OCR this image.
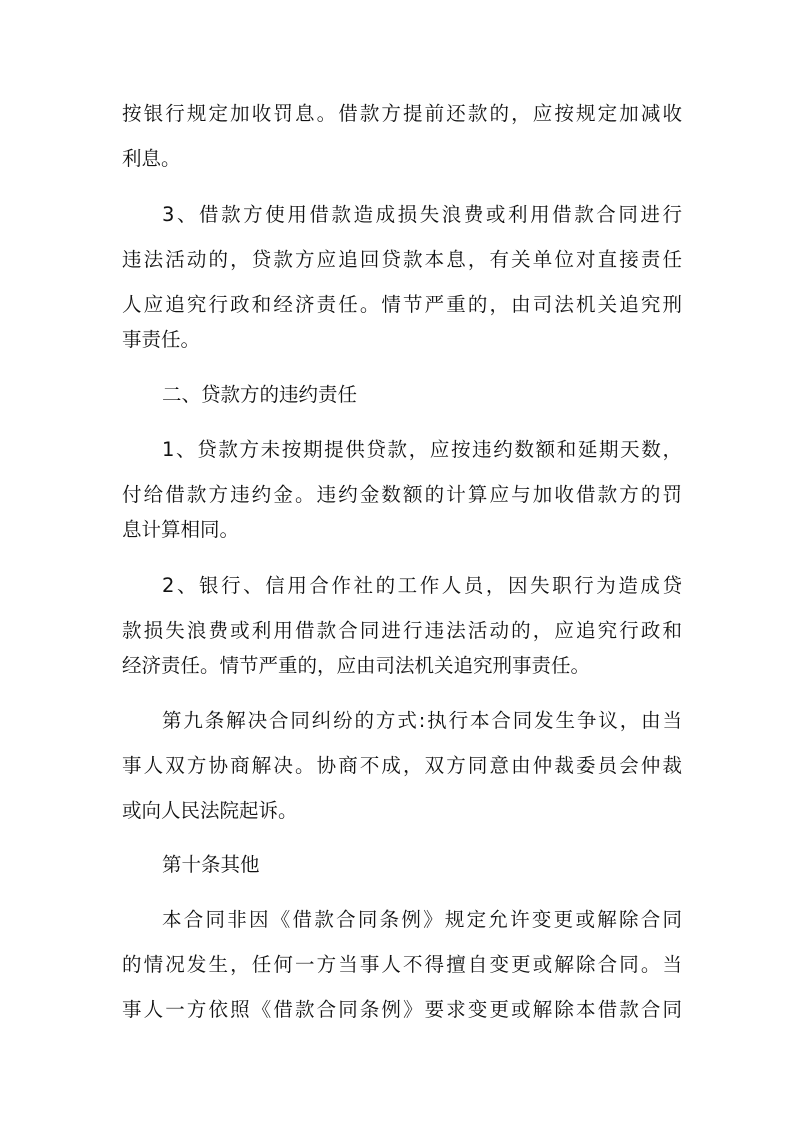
按银行规定加收罚息。借款方提前还款的，应按规定加减收
利息。
3、借款方使用借款造成损失浪费或利用借款合同进行
违法活动的，贷款方应追回贷款本息，有关单位对直接责任
人应追究行政和经济责任。情节严重的，由司法机关追究刑
事责任。
二、贷款方的违约责任
1、贷款方未按期提供贷款，应按违约数额和延期天数，
付给借款方违约金。违约金数额的计算应与加收借款方的罚
息计算相同。
2、银行、信用合作社的工作人员，因失职行为造成贷
款损失浪费或利用借款合同进行违法活动的，应追究行政和
经济责任。情节严重的，应由司法机关追究刑事责任。
第九条解决合同纠纷的方式:执行本合同发生争议，由当
事人双方协商解决。协商不成，双方同意由仲裁委员会仲裁
或向人民法院起诉。
第十条其他
本合同非因《借款合同条例》规定允许变更或解除合同
的情况发生，任何一方当事人不得擅自变更或解除合同。当
事人一方依照《借款合同条例》要求变更或解除本借款合同
